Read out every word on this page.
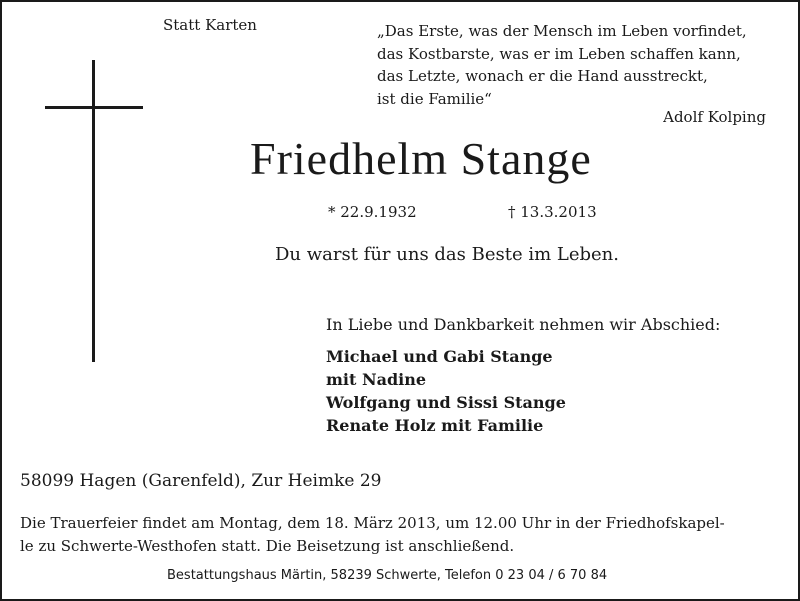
Statt Karten	„Das Erste, was der Mensch im Leben vorfindet,
das Kostbarste, was er im Leben schaffen kann,
das Letzte, wonach er die Hand ausstreckt,
ist die Familie“
Adolf Kolping
Friedhelm Stange
* 22.9.1932	† 13.3.2013
Du warst für uns das Beste im Leben.
In Liebe und Dankbarkeit nehmen wir Abschied:
Michael und Gabi Stange
mit Nadine
Wolfgang und Sissi Stange
Renate Holz mit Familie
58099 Hagen (Garenfeld), Zur Heimke 29
Die Trauerfeier findet am Montag, dem 18. März 2013, um 12.00 Uhr in der Friedhofskapel-
le zu Schwerte-Westhofen statt. Die Beisetzung ist anschließend.
Bestattungshaus Märtin, 58239 Schwerte, Telefon 0 23 04 / 6 70 84
